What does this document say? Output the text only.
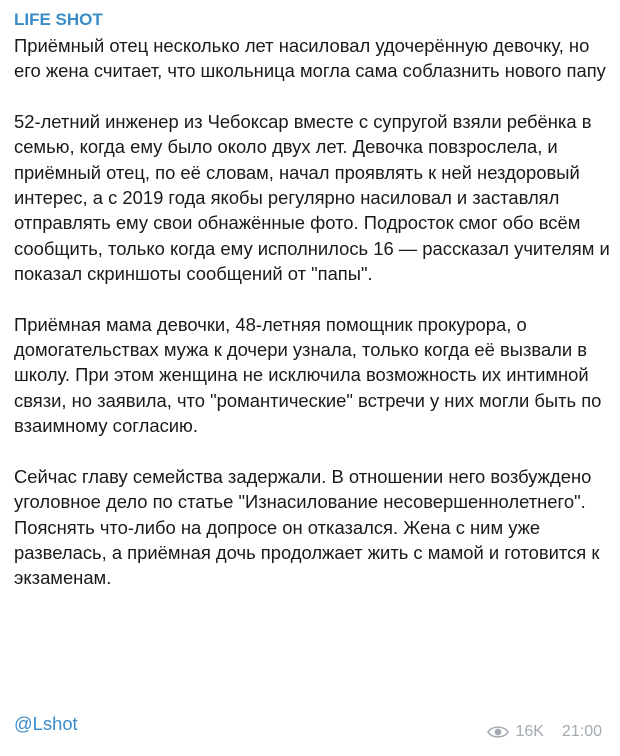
LIFE SHOT

Приёмный отец несколько лет насиловал удочерённую девочку, но его жена считает, что школьница могла сама соблазнить нового папу

52-летний инженер из Чебоксар вместе с супругой взяли ребёнка в семью, когда ему было около двух лет. Девочка повзрослела, и приёмный отец, по её словам, начал проявлять к ней нездоровый интерес, а с 2019 года якобы регулярно насиловал и заставлял отправлять ему свои обнажённые фото. Подросток смог обо всём сообщить, только когда ему исполнилось 16 — рассказал учителям и показал скриншоты сообщений от "папы".

Приёмная мама девочки, 48-летняя помощник прокурора, о домогательствах мужа к дочери узнала, только когда её вызвали в школу. При этом женщина не исключила возможность их интимной связи, но заявила, что "романтические" встречи у них могли быть по взаимному согласию.

Сейчас главу семейства задержали. В отношении него возбуждено уголовное дело по статье "Изнасилование несовершеннолетнего". Пояснять что-либо на допросе он отказался. Жена с ним уже развелась, а приёмная дочь продолжает жить с мамой и готовится к экзаменам.

@Lshot	16K 21:00
